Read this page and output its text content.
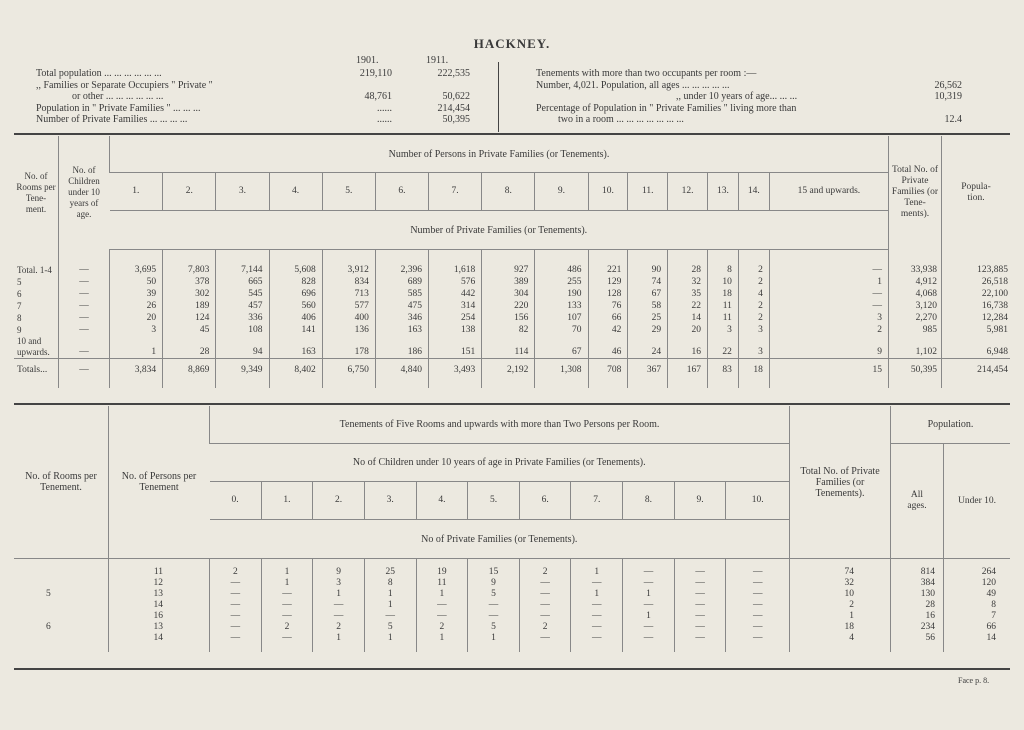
HACKNEY.
1901.	1911.
Total population ... ... ... ... ... ...	219,110	222,535
,, Families or Separate Occupiers " Private "
or other ... ... ... ... ... ...	48,761	50,622
Population in " Private Families " ... ... ...	......	214,454
Number of Private Families ... ... ... ...	......	50,395
Tenements with more than two occupants per room :—
Number, 4,021. Population, all ages ... ... ... ... ...	26,562
,, under 10 years of age... ... ...	10,319
Percentage of Population in " Private Families " living more than
two in a room ... ... ... ... ... ... ...	12.4
No. of Rooms per Tene- ment.	No. of Children under 10 years of age.	Number of Persons in Private Families (or Tenements).															Total No. of Private Families (or Tene- ments).	Popula- tion.

		1.	2.	3.	4.	5.	6.	7.	8.	9.	10.	11.	12.	13.	14.	15 and upwards.		
		Number of Private Families (or Tenements).																
Total. 1-4	—	3,695	7,803	7,144	5,608	3,912	2,396	1,618	927	486	221	90	28	8	2	—	33,938	123,885
5	—	50	378	665	828	834	689	576	389	255	129	74	32	10	2	1	4,912	26,518
6	—	39	302	545	696	713	585	442	304	190	128	67	35	18	4	—	4,068	22,100
7	—	26	189	457	560	577	475	314	220	133	76	58	22	11	2	—	3,120	16,738
8	—	20	124	336	406	400	346	254	156	107	66	25	14	11	2	3	2,270	12,284
9	—	3	45	108	141	136	163	138	82	70	42	29	20	3	3	2	985	5,981
10 and upwards.	—	1	28	94	163	178	186	151	114	67	46	24	16	22	3	9	1,102	6,948
Totals...	—	3,834	8,869	9,349	8,402	6,750	4,840	3,493	2,192	1,308	708	367	167	83	18	15	50,395	214,454

No. of Rooms per Tenement.	No. of Persons per Tenement	Tenements of Five Rooms and upwards with more than Two Persons per Room.											Total No. of Private Families (or Tenements).	Population.	
		No of Children under 10 years of age in Private Families (or Tenements).												All ages.	Under 10.

		0.	1.	2.	3.	4.	5.	6.	7.	8.	9.	10.			
		No of Private Families (or Tenements).													

	11	2	1	9	25	19	15	2	1	—	—	—	74	814	264
	12	—	1	3	8	11	9	—	—	—	—	—	32	384	120
5	13	—	—	1	1	1	5	—	1	1	—	—	10	130	49
	14	—	—	—	1	—	—	—	—	—	—	—	2	28	8
	16	—	—	—	—	—	—	—	—	1	—	—	1	16	7
6	13	—	2	2	5	2	5	2	—	—	—	—	18	234	66
	14	—	—	1	1	1	1	—	—	—	—	—	4	56	14

Face p. 8.
